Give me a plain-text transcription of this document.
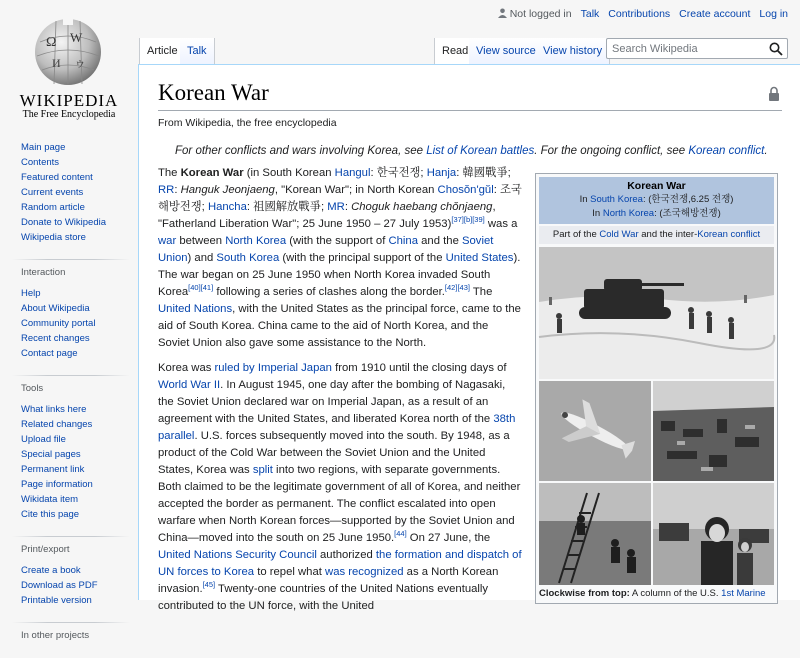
Ω W
И ゥ
WIKIPEDIA
The Free Encyclopedia
Not logged in Talk Contributions Create account Log in
Article Talk	Read View source View history
Search Wikipedia
Main page
Contents
Featured content
Current events
Random article
Donate to Wikipedia
Wikipedia store
Interaction
Help
About Wikipedia
Community portal
Recent changes
Contact page
Tools
What links here
Related changes
Upload file
Special pages
Permanent link
Page information
Wikidata item
Cite this page
Print/export
Create a book
Download as PDF
Printable version
In other projects
Korean War
From Wikipedia, the free encyclopedia
For other conflicts and wars involving Korea, see List of Korean battles. For the ongoing conflict, see Korean conflict.

The Korean War (in South Korean Hangul: 한국전쟁; Hanja: 韓國戰爭; RR: Hanguk Jeonjaeng, "Korean War"; in North Korean Chosŏn'gŭl: 조국해방전쟁; Hancha: 祖國解放戰爭; MR: Choguk haebang chŏnjaeng, "Fatherland Liberation War"; 25 June 1950 – 27 July 1953)[37][b][39] was a war between North Korea (with the support of China and the Soviet Union) and South Korea (with the principal support of the United States). The war began on 25 June 1950 when North Korea invaded South Korea[40][41] following a series of clashes along the border.[42][43] The United Nations, with the United States as the principal force, came to the aid of South Korea. China came to the aid of North Korea, and the Soviet Union also gave some assistance to the North.

Korea was ruled by Imperial Japan from 1910 until the closing days of World War II. In August 1945, one day after the bombing of Nagasaki, the Soviet Union declared war on Imperial Japan, as a result of an agreement with the United States, and liberated Korea north of the 38th parallel. U.S. forces subsequently moved into the south. By 1948, as a product of the Cold War between the Soviet Union and the United States, Korea was split into two regions, with separate governments. Both claimed to be the legitimate government of all of Korea, and neither accepted the border as permanent. The conflict escalated into open warfare when North Korean forces—supported by the Soviet Union and China—moved into the south on 25 June 1950.[44] On 27 June, the United Nations Security Council authorized the formation and dispatch of UN forces to Korea to repel what was recognized as a North Korean invasion.[45] Twenty-one countries of the United Nations eventually contributed to the UN force, with the United

Korean War
In South Korea: (한국전쟁,6.25 전쟁)
In North Korea: (조국해방전쟁)
Part of the Cold War and the inter-Korean conflict
Clockwise from top: A column of the U.S. 1st Marine
